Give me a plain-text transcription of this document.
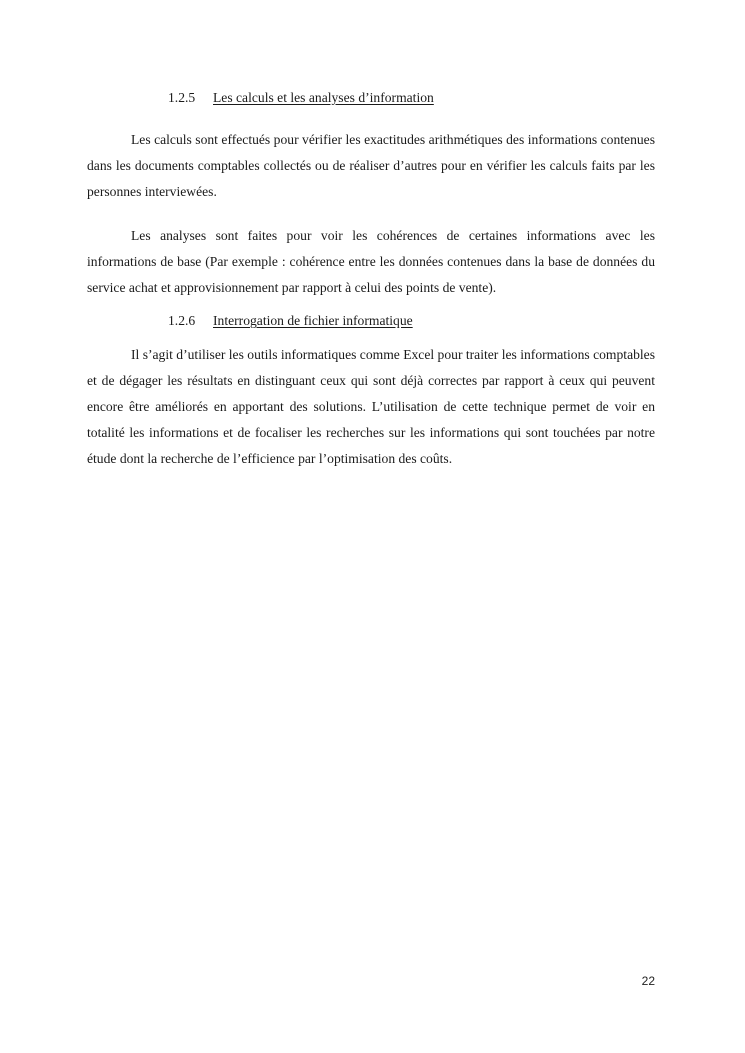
1.2.5 Les calculs et les analyses d’information

Les calculs sont effectués pour vérifier les exactitudes arithmétiques des informations contenues dans les documents comptables collectés ou de réaliser d’autres pour en vérifier les calculs faits par les personnes interviewées.

Les analyses sont faites pour voir les cohérences de certaines informations avec les informations de base (Par exemple : cohérence entre les données contenues dans la base de données du service achat et approvisionnement par rapport à celui des points de vente).

1.2.6 Interrogation de fichier informatique

Il s’agit d’utiliser les outils informatiques comme Excel pour traiter les informations comptables et de dégager les résultats en distinguant ceux qui sont déjà correctes par rapport à ceux qui peuvent encore être améliorés en apportant des solutions. L’utilisation de cette technique permet de voir en totalité les informations et de focaliser les recherches sur les informations qui sont touchées par notre étude dont la recherche de l’efficience par l’optimisation des coûts.

22
